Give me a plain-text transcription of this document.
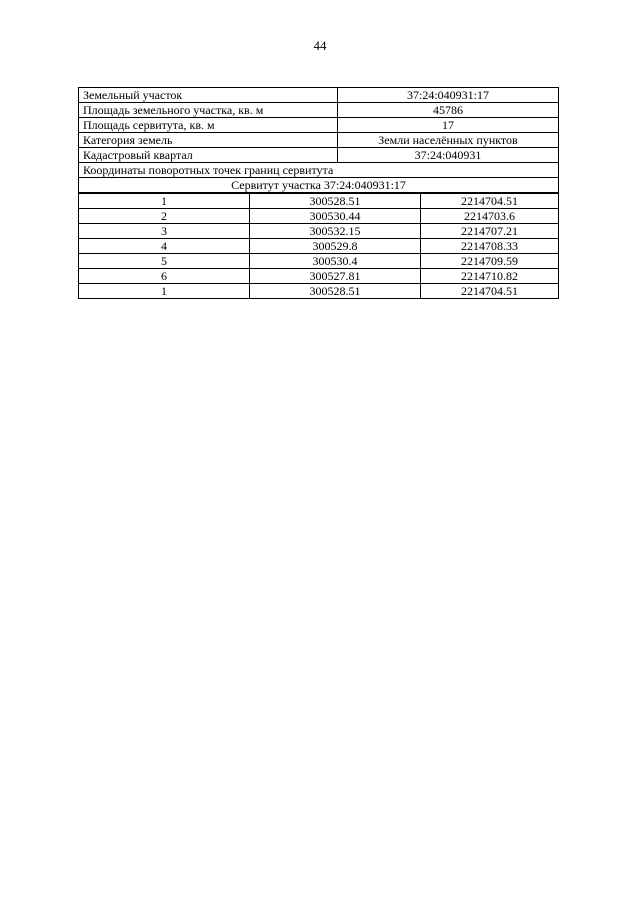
44
Земельный участок	37:24:040931:17
Площадь земельного участка, кв. м	45786
Площадь сервитута, кв. м	17
Категория земель	Земли населённых пунктов
Кадастровый квартал	37:24:040931
Координаты поворотных точек границ сервитута	
Сервитут участка 37:24:040931:17	
1	300528.51	2214704.51
2	300530.44	2214703.6
3	300532.15	2214707.21
4	300529.8	2214708.33
5	300530.4	2214709.59
6	300527.81	2214710.82
1	300528.51	2214704.51
